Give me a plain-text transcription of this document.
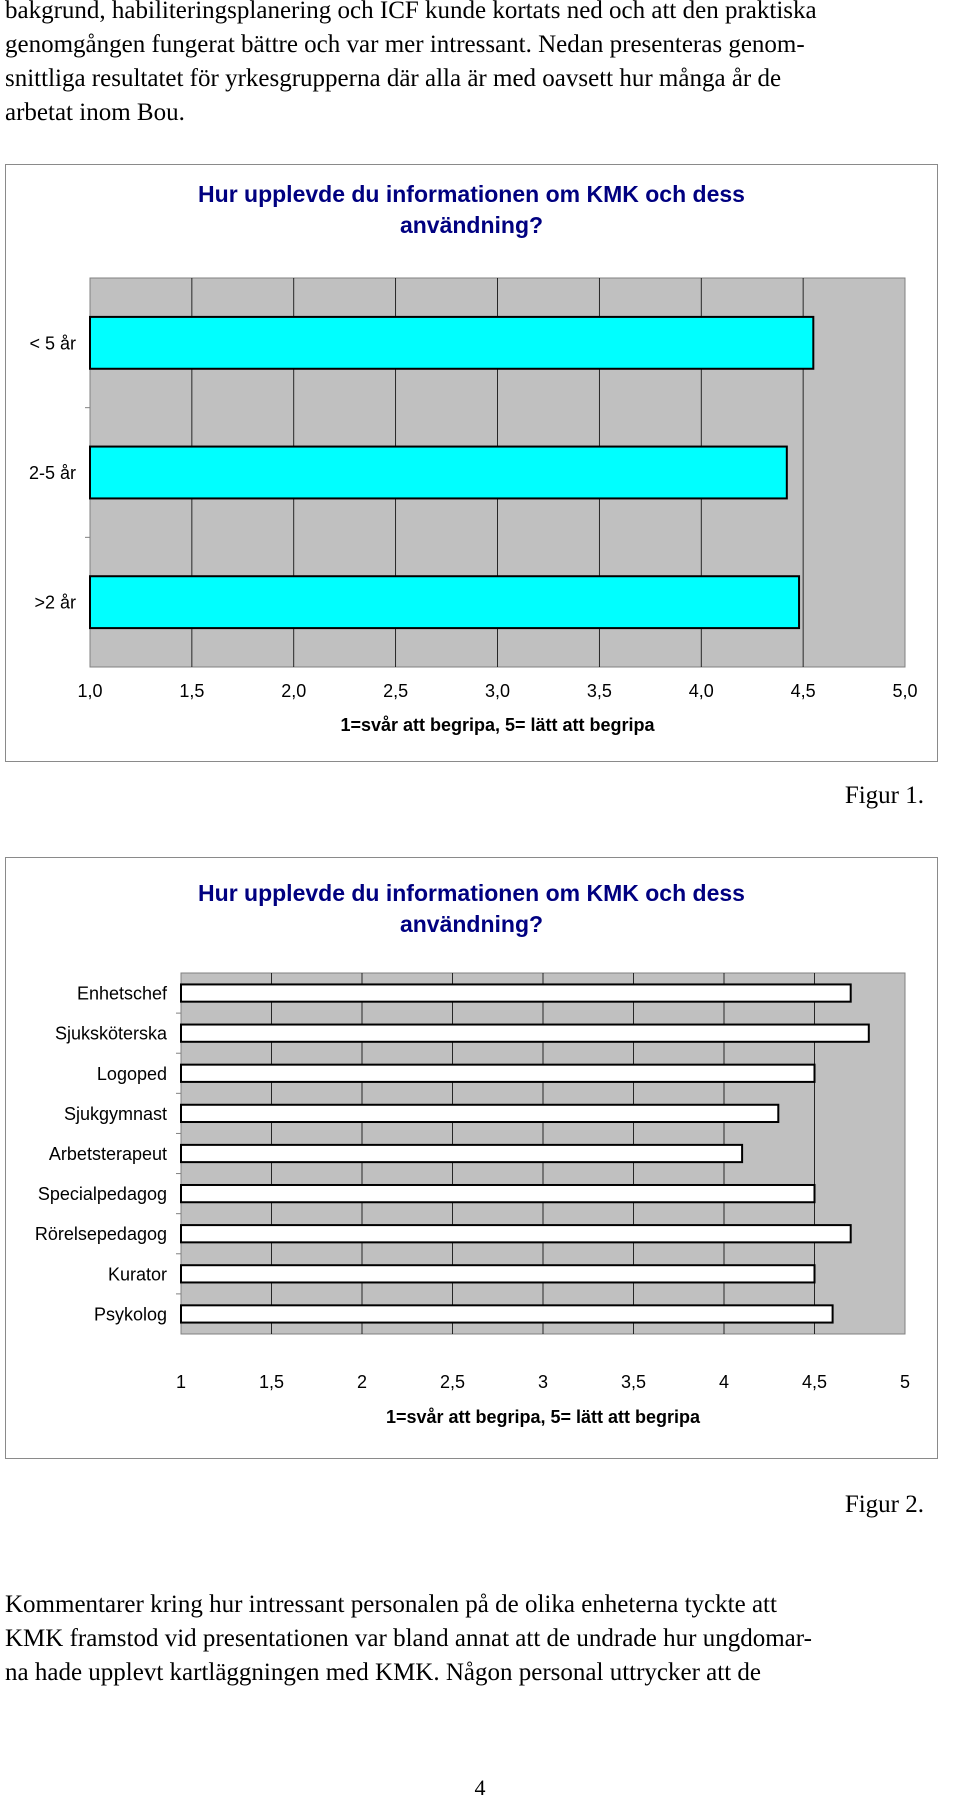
bakgrund, habiliteringsplanering och ICF kunde kortats ned och att den praktiska
genomgången fungerat bättre och var mer intressant. Nedan presenteras genom-
snittliga resultatet för yrkesgrupperna där alla är med oavsett hur många år de
arbetat inom Bou.
Hur upplevde du informationen om KMK och dess
användning?
1,0	1,5	2,0	2,5	3,0	3,5	4,0	4,5	5,0
< 5 år
2-5 år
>2 år
1=svår att begripa, 5= lätt att begripa
Figur 1.
Hur upplevde du informationen om KMK och dess
användning?
1	1,5	2	2,5	3	3,5	4	4,5	5
Enhetschef
Sjuksköterska
Logoped
Sjukgymnast
Arbetsterapeut
Specialpedagog
Rörelsepedagog
Kurator
Psykolog
1=svår att begripa, 5= lätt att begripa
Figur 2.
Kommentarer kring hur intressant personalen på de olika enheterna tyckte att
KMK framstod vid presentationen var bland annat att de undrade hur ungdomar-
na hade upplevt kartläggningen med KMK. Någon personal uttrycker att de
4
